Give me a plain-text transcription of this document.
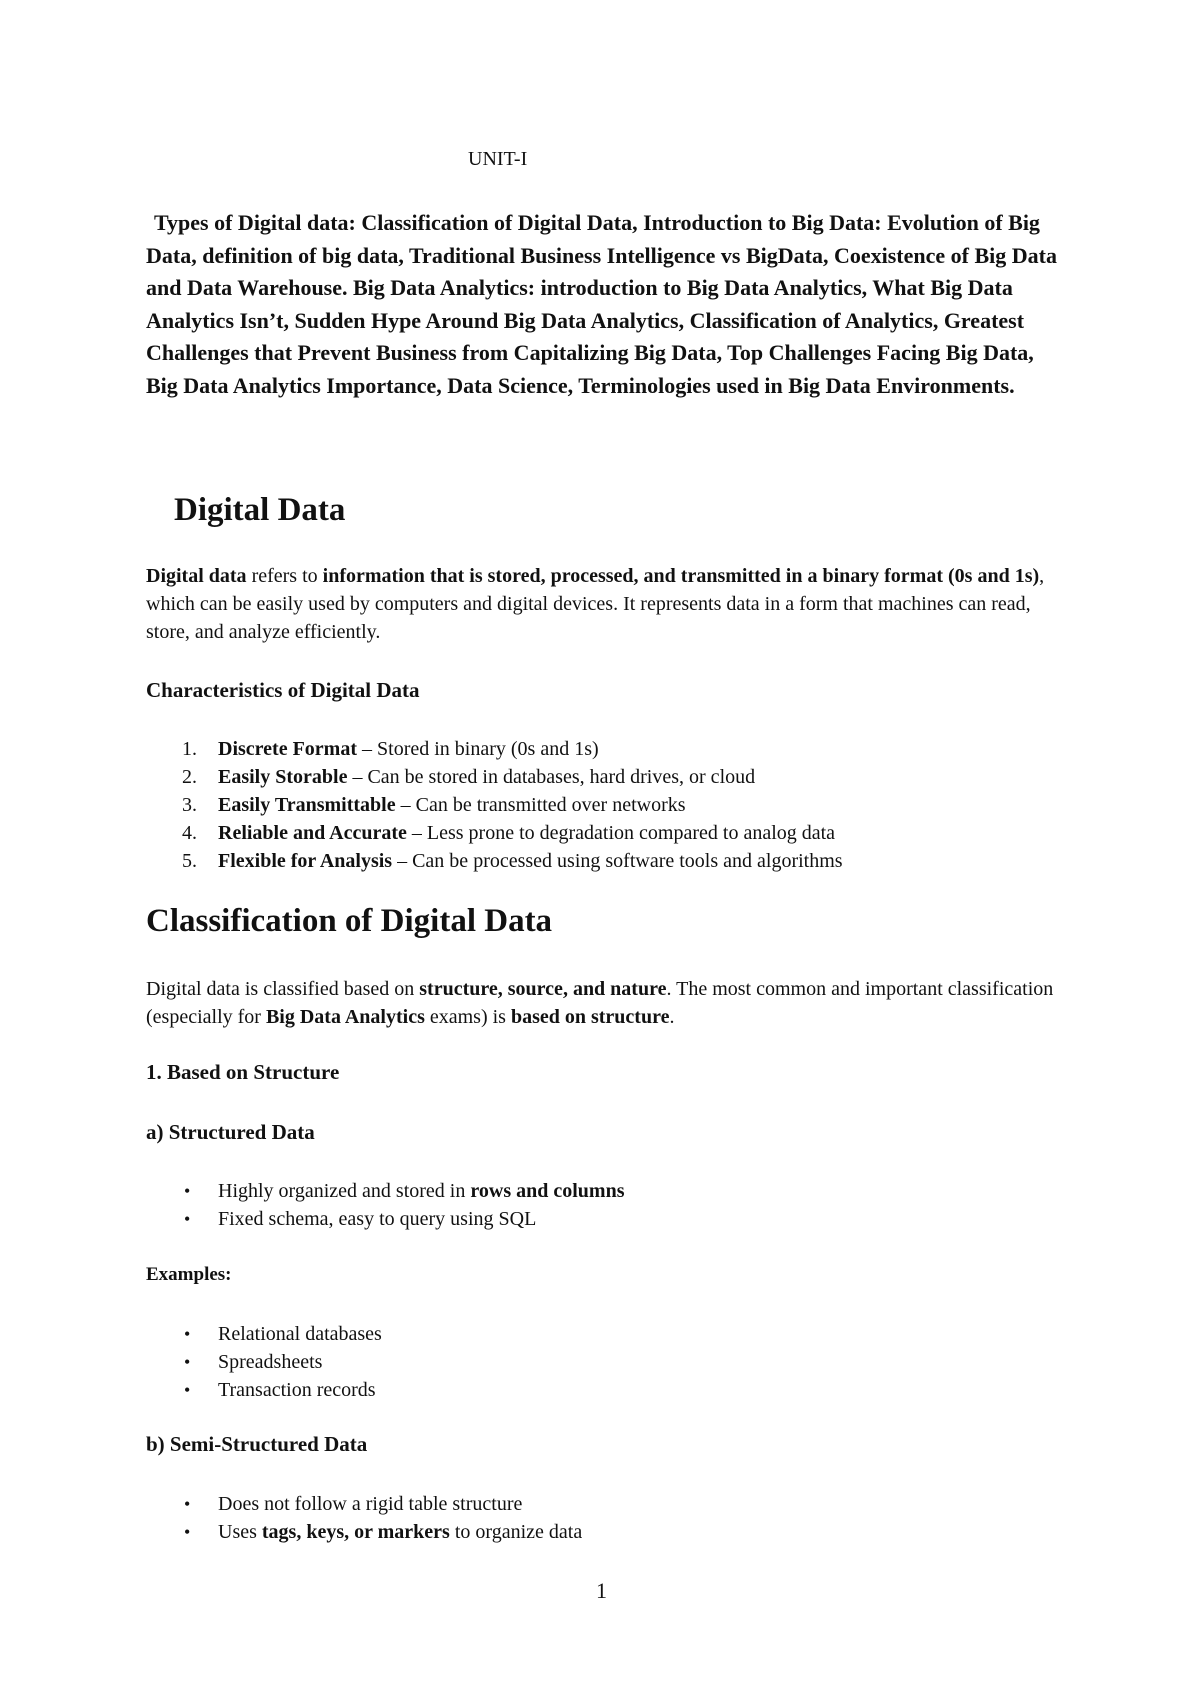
UNIT-I
Types of Digital data: Classification of Digital Data, Introduction to Big Data: Evolution of Big Data, definition of big data, Traditional Business Intelligence vs BigData, Coexistence of Big Data and Data Warehouse. Big Data Analytics: introduction to Big Data Analytics, What Big Data Analytics Isn’t, Sudden Hype Around Big Data Analytics, Classification of Analytics, Greatest Challenges that Prevent Business from Capitalizing Big Data, Top Challenges Facing Big Data, Big Data Analytics Importance, Data Science, Terminologies used in Big Data Environments.
Digital Data
Digital data refers to information that is stored, processed, and transmitted in a binary format (0s and 1s), which can be easily used by computers and digital devices. It represents data in a form that machines can read, store, and analyze efficiently.
Characteristics of Digital Data
1. Discrete Format – Stored in binary (0s and 1s)
2. Easily Storable – Can be stored in databases, hard drives, or cloud
3. Easily Transmittable – Can be transmitted over networks
4. Reliable and Accurate – Less prone to degradation compared to analog data
5. Flexible for Analysis – Can be processed using software tools and algorithms
Classification of Digital Data
Digital data is classified based on structure, source, and nature. The most common and important classification (especially for Big Data Analytics exams) is based on structure.
1. Based on Structure
a) Structured Data
• Highly organized and stored in rows and columns
• Fixed schema, easy to query using SQL
Examples:
• Relational databases
• Spreadsheets
• Transaction records
b) Semi-Structured Data
• Does not follow a rigid table structure
• Uses tags, keys, or markers to organize data
1
